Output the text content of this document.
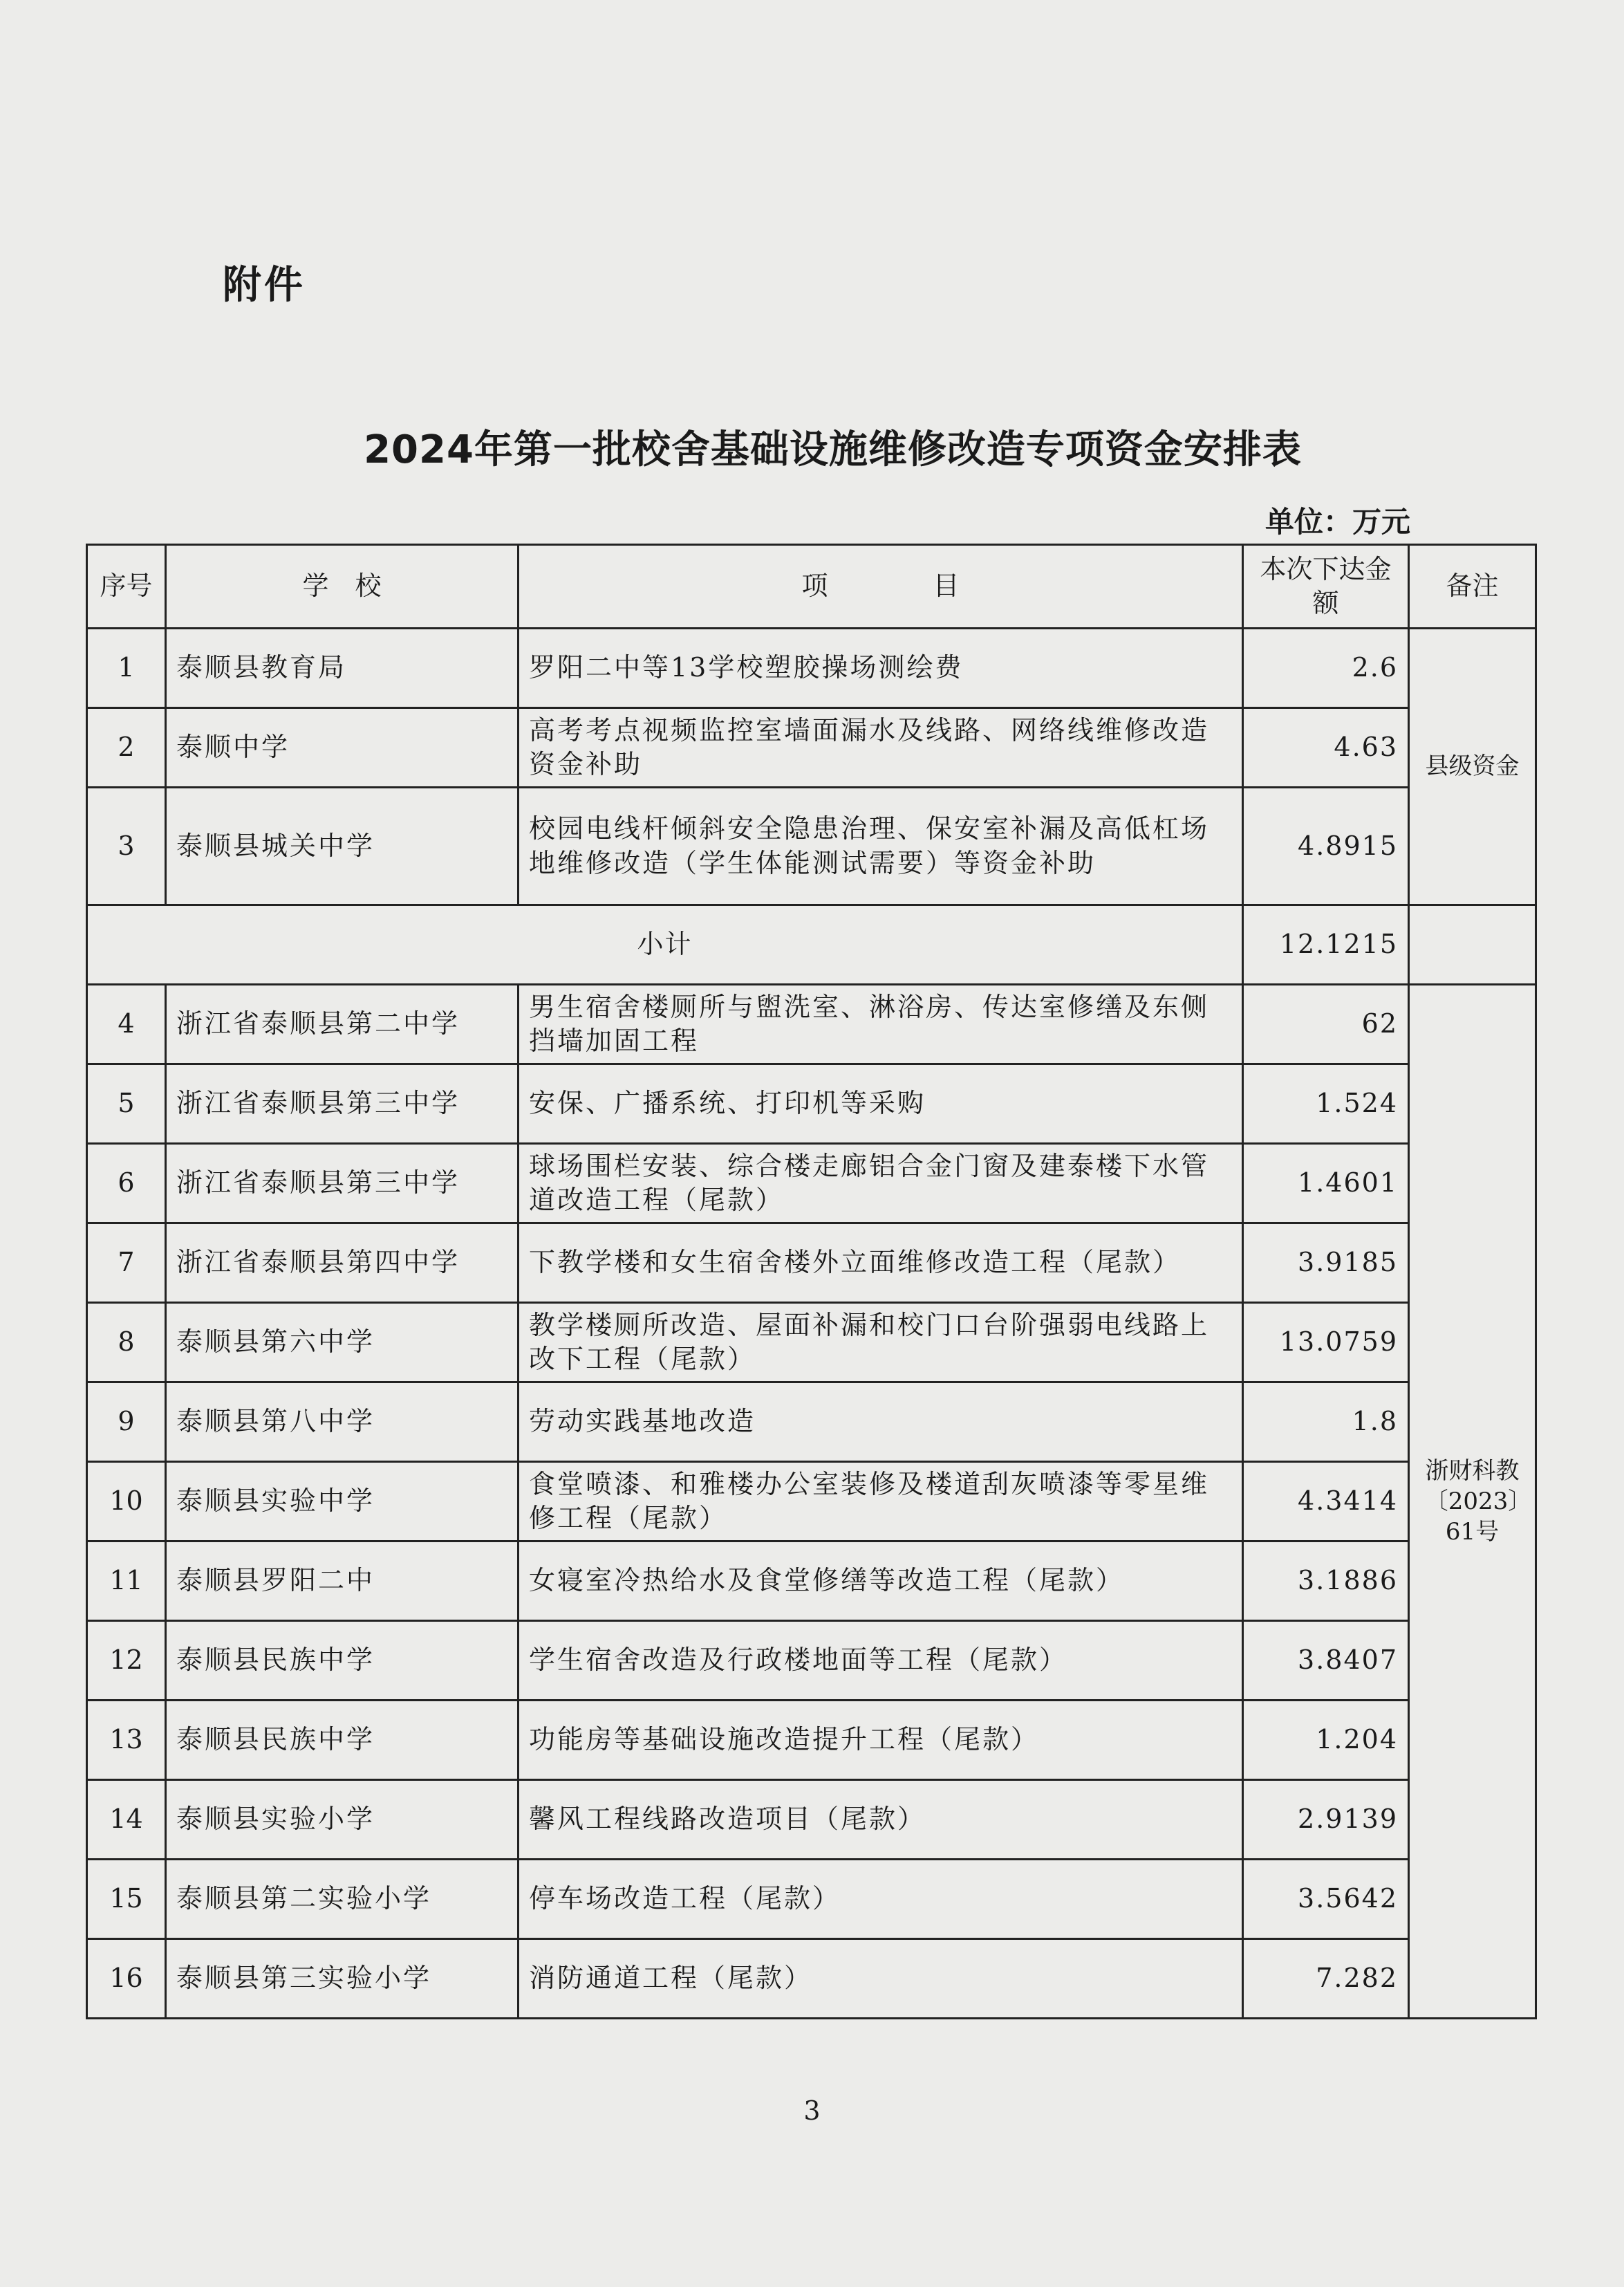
附件
2024年第一批校舍基础设施维修改造专项资金安排表
单位：万元
序号	学　校	项　　　　目	本次下达金额	备注
1	泰顺县教育局	罗阳二中等13学校塑胶操场测绘费	2.6	县级资金
2	泰顺中学	高考考点视频监控室墙面漏水及线路、网络线维修改造资金补助	4.63	
3	泰顺县城关中学	校园电线杆倾斜安全隐患治理、保安室补漏及高低杠场地维修改造（学生体能测试需要）等资金补助	4.8915	
小计			12.1215	
4	浙江省泰顺县第二中学	男生宿舍楼厕所与盥洗室、淋浴房、传达室修缮及东侧挡墙加固工程	62	浙财科教〔2023〕61号
5	浙江省泰顺县第三中学	安保、广播系统、打印机等采购	1.524	
6	浙江省泰顺县第三中学	球场围栏安装、综合楼走廊铝合金门窗及建泰楼下水管道改造工程（尾款）	1.4601	
7	浙江省泰顺县第四中学	下教学楼和女生宿舍楼外立面维修改造工程（尾款）	3.9185	
8	泰顺县第六中学	教学楼厕所改造、屋面补漏和校门口台阶强弱电线路上改下工程（尾款）	13.0759	
9	泰顺县第八中学	劳动实践基地改造	1.8	
10	泰顺县实验中学	食堂喷漆、和雅楼办公室装修及楼道刮灰喷漆等零星维修工程（尾款）	4.3414	
11	泰顺县罗阳二中	女寝室冷热给水及食堂修缮等改造工程（尾款）	3.1886	
12	泰顺县民族中学	学生宿舍改造及行政楼地面等工程（尾款）	3.8407	
13	泰顺县民族中学	功能房等基础设施改造提升工程（尾款）	1.204	
14	泰顺县实验小学	馨风工程线路改造项目（尾款）	2.9139	
15	泰顺县第二实验小学	停车场改造工程（尾款）	3.5642	
16	泰顺县第三实验小学	消防通道工程（尾款）	7.282	
3
